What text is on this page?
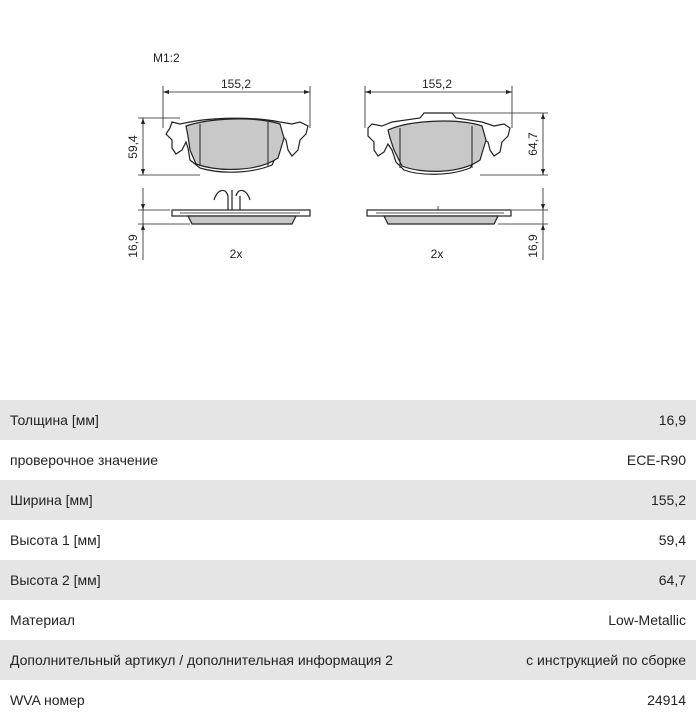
M1:2
16,9
155,2
59,4
2x
155,2
64,7
16,9
2x
Толщина [мм]	16,9
проверочное значение	ECE-R90
Ширина [мм]	155,2
Высота 1 [мм]	59,4
Высота 2 [мм]	64,7
Материал	Low-Metallic
Дополнительный артикул / дополнительная информация 2	с инструкцией по сборке
WVA номер	24914
